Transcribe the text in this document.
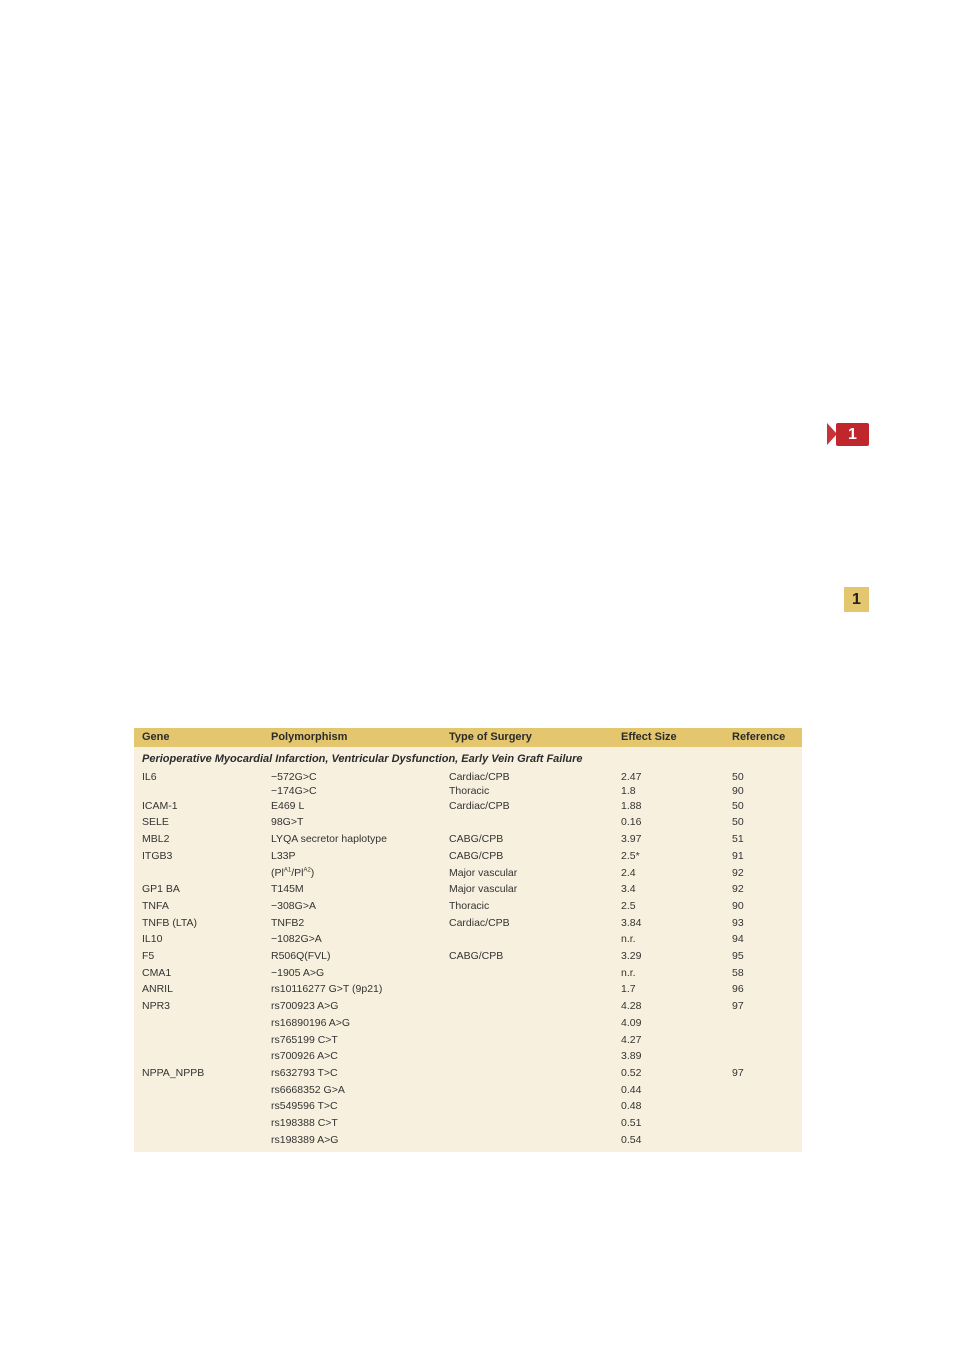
1
1
Gene	Polymorphism	Type of Surgery	Effect Size	Reference
Perioperative Myocardial Infarction, Ventricular Dysfunction, Early Vein Graft Failure				
IL6	−572G>C	Cardiac/CPB	2.47	50
	−174G>C	Thoracic	1.8	90
ICAM-1	E469 L	Cardiac/CPB	1.88	50
SELE	98G>T		0.16	50
MBL2	LYQA secretor haplotype	CABG/CPB	3.97	51
ITGB3	L33P	CABG/CPB	2.5*	91
	$(Pl^{A1}/Pl^{A2})$	Major vascular	2.4	92
GP1 BA	T145M	Major vascular	3.4	92
TNFA	−308G>A	Thoracic	2.5	90
TNFB (LTA)	TNFB2	Cardiac/CPB	3.84	93
IL10	−1082G>A		n.r.	94
F5	R506Q(FVL)	CABG/CPB	3.29	95
CMA1	−1905 A>G		n.r.	58
ANRIL	rs10116277 G>T (9p21)		1.7	96
NPR3	rs700923 A>G		4.28	97
	rs16890196 A>G		4.09	
	rs765199 C>T		4.27	
	rs700926 A>C		3.89	
NPPA_NPPB	rs632793 T>C		0.52	97
	rs6668352 G>A		0.44	
	rs549596 T>C		0.48	
	rs198388 C>T		0.51	
	rs198389 A>G		0.54	
